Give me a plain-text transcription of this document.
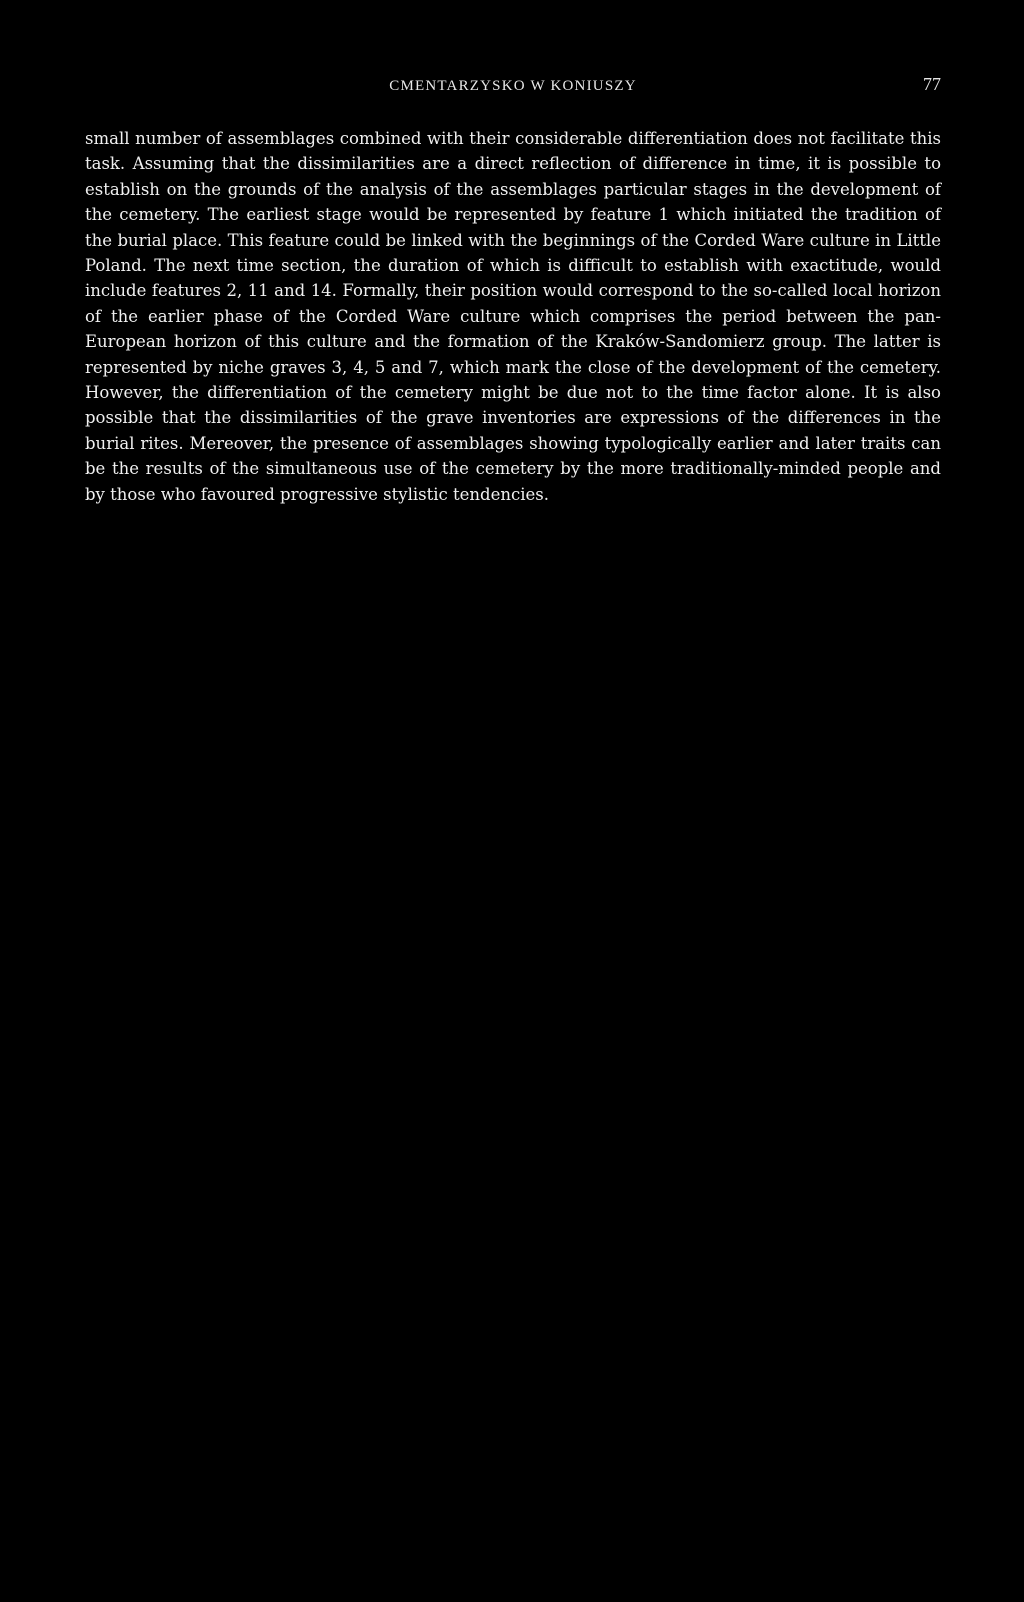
CMENTARZYSKO W KONIUSZY	77

small number of assemblages combined with their considerable differentiation does not facilitate this task. Assuming that the dissimilarities are a direct reflection of difference in time, it is possible to establish on the grounds of the analysis of the assemblages particular stages in the development of the cemetery. The earliest stage would be represented by feature 1 which initiated the tradition of the burial place. This feature could be linked with the beginnings of the Corded Ware culture in Little Poland. The next time section, the duration of which is difficult to establish with exactitude, would include features 2, 11 and 14. Formally, their position would correspond to the so-called local horizon of the earlier phase of the Corded Ware culture which comprises the period between the pan-European horizon of this culture and the formation of the Kraków-Sandomierz group. The latter is represented by niche graves 3, 4, 5 and 7, which mark the close of the development of the cemetery. However, the differentiation of the cemetery might be due not to the time factor alone. It is also possible that the dissimilarities of the grave inventories are expressions of the differences in the burial rites. Mereover, the presence of assemblages showing typologically earlier and later traits can be the results of the simultaneous use of the cemetery by the more traditionally-minded people and by those who favoured progressive stylistic tendencies.
